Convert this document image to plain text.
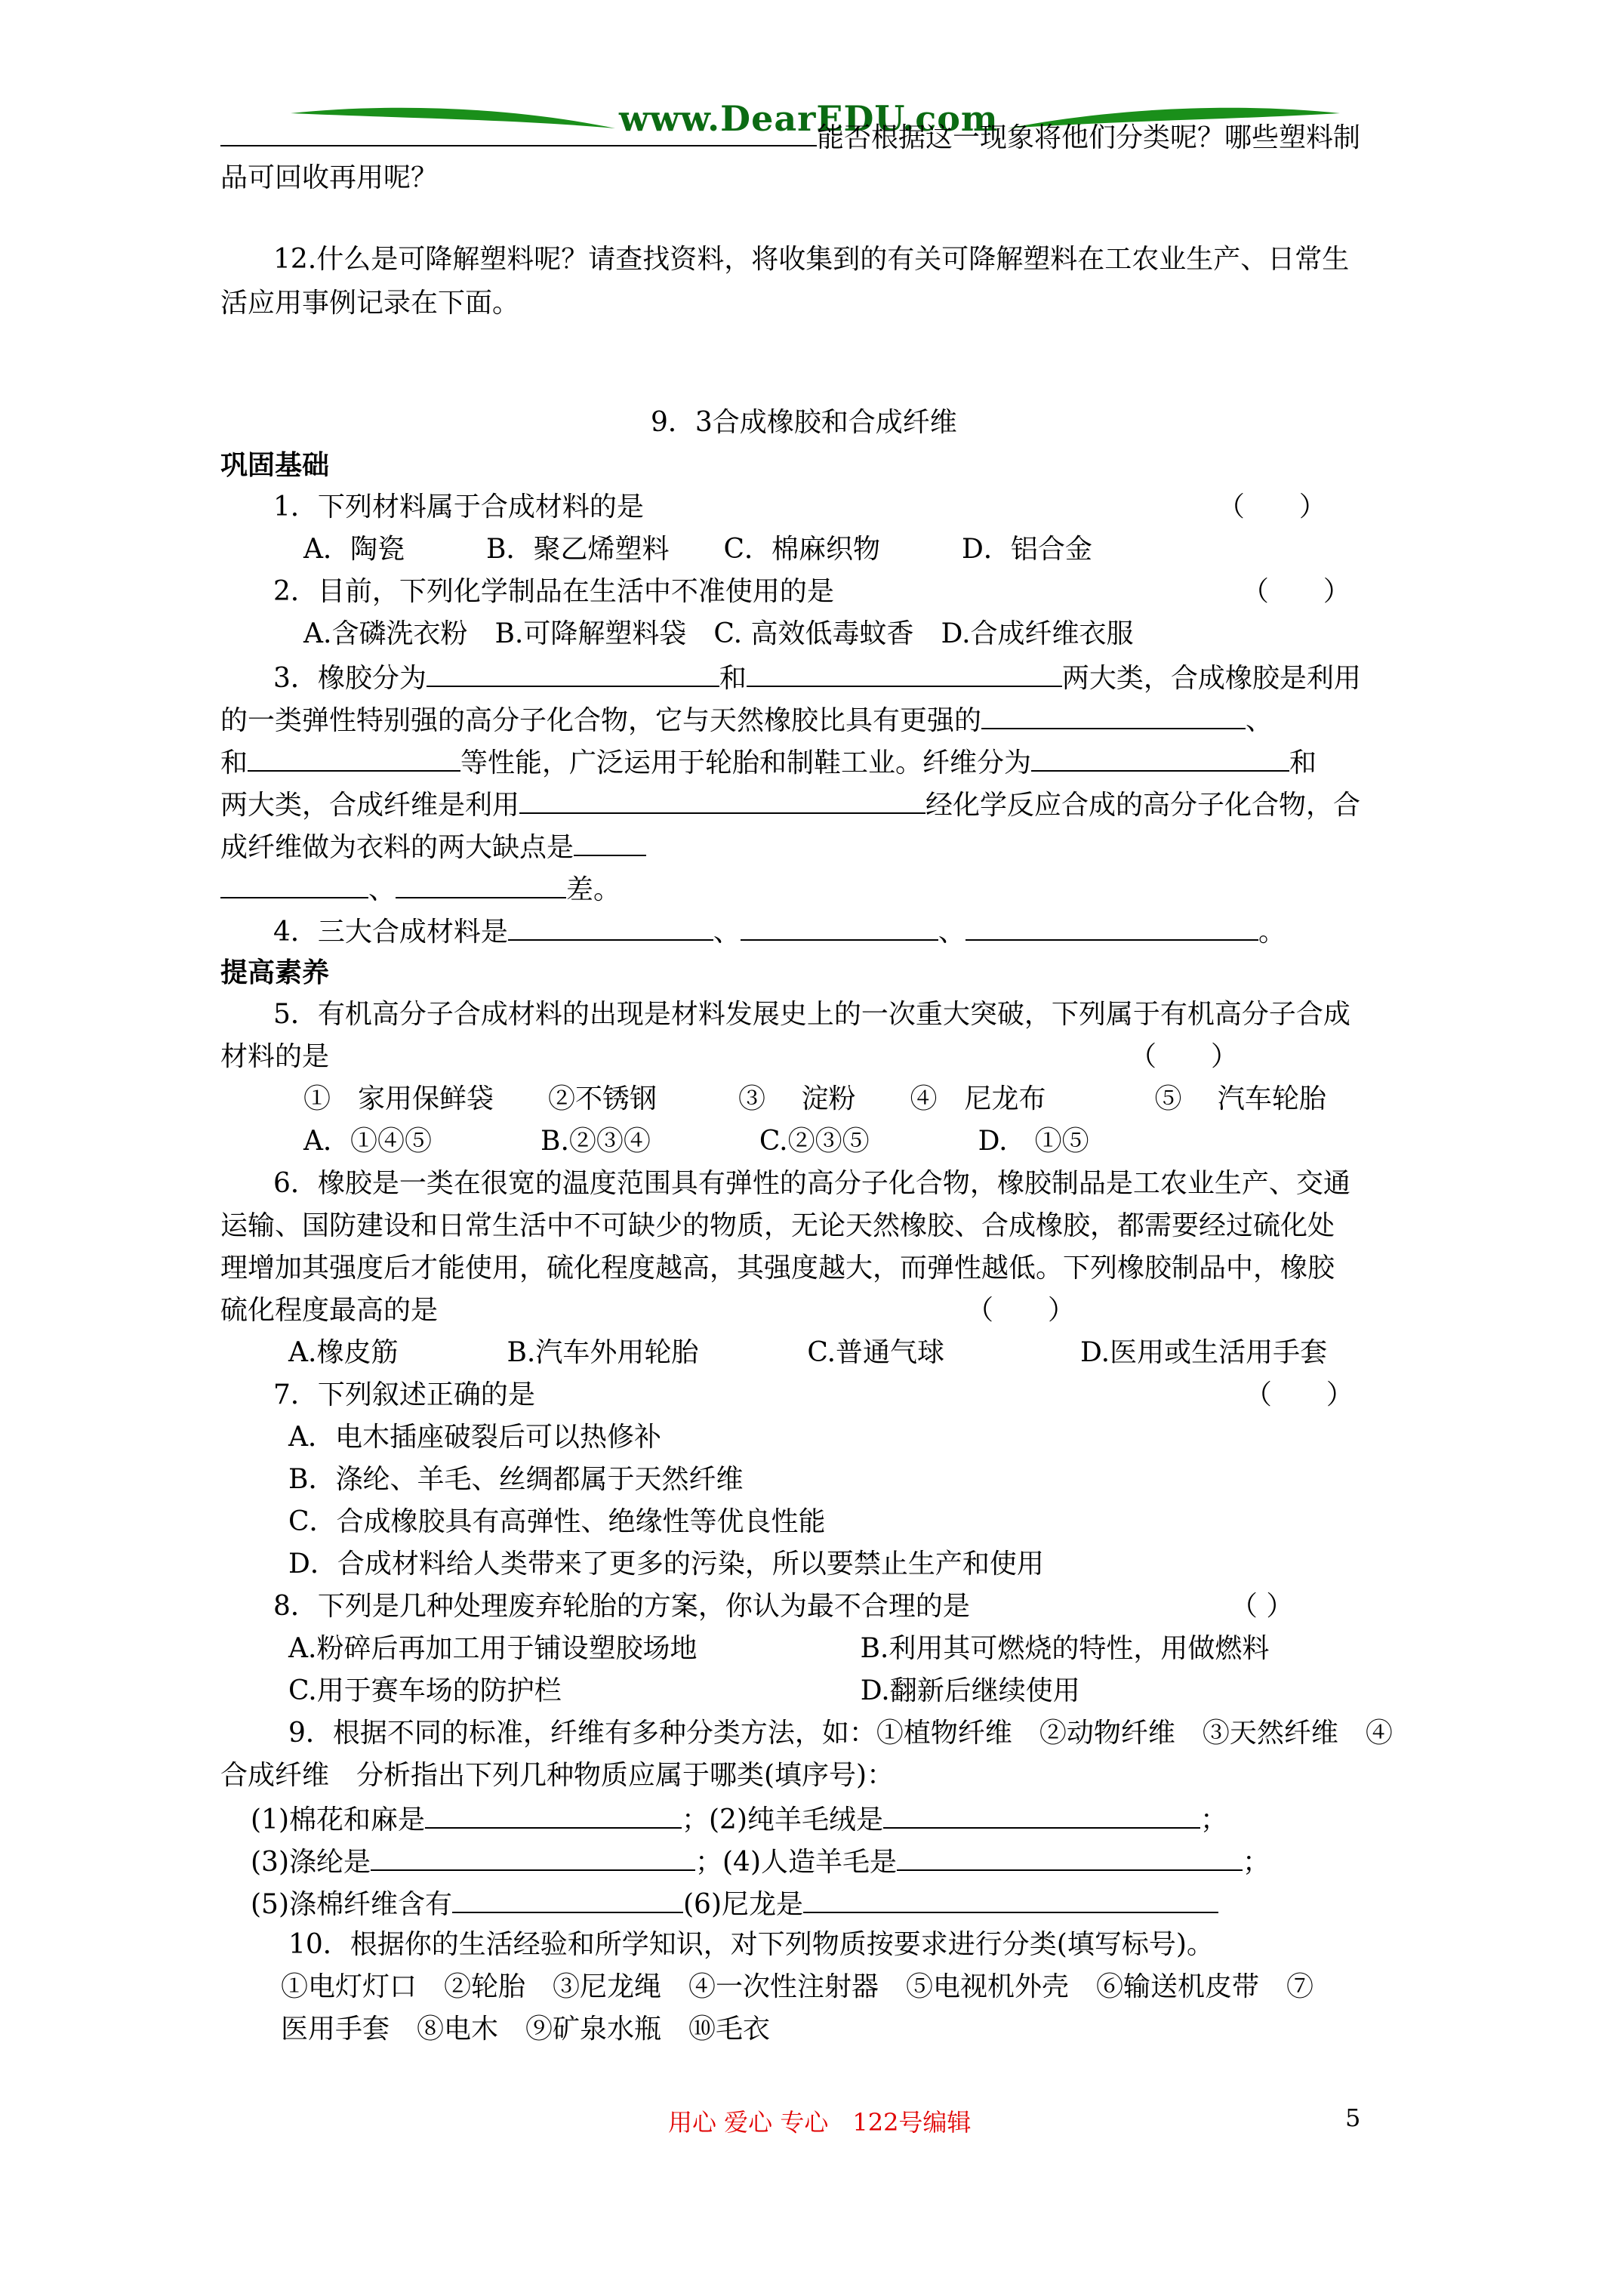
www.DearEDU.com
能否根据这一现象将他们分类呢？哪些塑料制
品可回收再用呢？
12.什么是可降解塑料呢？请查找资料，将收集到的有关可降解塑料在工农业生产、日常生
活应用事例记录在下面。
9．3合成橡胶和合成纤维
巩固基础
1．下列材料属于合成材料的是	（　　）
A．陶瓷　　　B．聚乙烯塑料　　C．棉麻织物　　　D．铝合金
2．目前，下列化学制品在生活中不准使用的是	（　　）
A.含磷洗衣粉　B.可降解塑料袋　C. 高效低毒蚊香　D.合成纤维衣服
3．橡胶分为	和	两大类，合成橡胶是利用
的一类弹性特别强的高分子化合物，它与天然橡胶比具有更强的	、
和	等性能，广泛运用于轮胎和制鞋工业。纤维分为	和
两大类，合成纤维是利用	经化学反应合成的高分子化合物，合
成纤维做为衣料的两大缺点是
、	差。
4．三大合成材料是	、	、	。
提高素养
5．有机高分子合成材料的出现是材料发展史上的一次重大突破，下列属于有机高分子合成
材料的是	（　　）
①　家用保鲜袋　　②不锈钢　　　③　 淀粉　　④　尼龙布　　　　⑤　 汽车轮胎
A．①④⑤　　　　B.②③④　　　　C.②③⑤　　　　D.　①⑤
6．橡胶是一类在很宽的温度范围具有弹性的高分子化合物，橡胶制品是工农业生产、交通
运输、国防建设和日常生活中不可缺少的物质，无论天然橡胶、合成橡胶，都需要经过硫化处
理增加其强度后才能使用，硫化程度越高，其强度越大，而弹性越低。下列橡胶制品中，橡胶
硫化程度最高的是	（　　）
A.橡皮筋　　　　B.汽车外用轮胎　　　　C.普通气球　　　　　D.医用或生活用手套
7．下列叙述正确的是	（　　）
A．电木插座破裂后可以热修补
B．涤纶、羊毛、丝绸都属于天然纤维
C．合成橡胶具有高弹性、绝缘性等优良性能
D．合成材料给人类带来了更多的污染，所以要禁止生产和使用
8．下列是几种处理废弃轮胎的方案，你认为最不合理的是	（ ）
A.粉碎后再加工用于铺设塑胶场地　　　　　　B.利用其可燃烧的特性，用做燃料
C.用于赛车场的防护栏　　　　　　　　　　　D.翻新后继续使用
9．根据不同的标准，纤维有多种分类方法，如：①植物纤维　②动物纤维　③天然纤维　④
合成纤维　分析指出下列几种物质应属于哪类(填序号)：
(1)棉花和麻是	；(2)纯羊毛绒是	；
(3)涤纶是	；(4)人造羊毛是	；
(5)涤棉纤维含有	(6)尼龙是
10．根据你的生活经验和所学知识，对下列物质按要求进行分类(填写标号)。
①电灯灯口　②轮胎　③尼龙绳　④一次性注射器　⑤电视机外壳　⑥输送机皮带　⑦
医用手套　⑧电木　⑨矿泉水瓶　⑩毛衣
用心 爱心 专心　122号编辑	5
